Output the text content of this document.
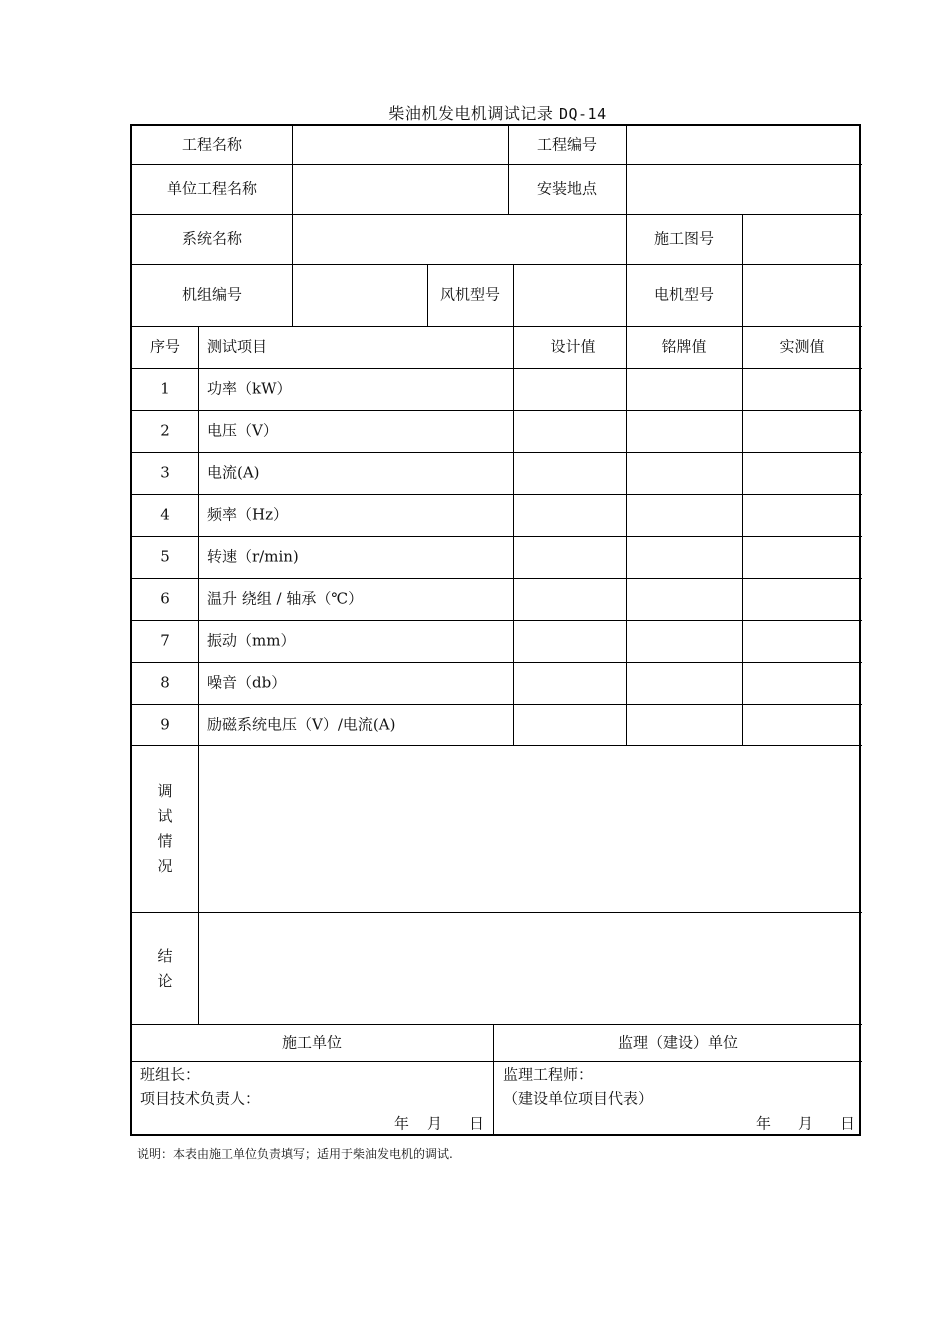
柴油机发电机调试记录 DQ-14
工程名称	工程编号
单位工程名称	安装地点
系统名称	施工图号
机组编号	风机型号	电机型号
序号 测试项目	设计值	铭牌值	实测值
1 功率（kW）
2 电压（V）
3 电流(A)
4 频率（Hz）
5 转速（r/min)
6 温升 绕组 / 轴承（℃）
7 振动（mm）
8 噪音（db）
9 励磁系统电压（V）/电流(A)
调
试
情
况
结
论
施工单位	监理（建设）单位
班组长：
项目技术负责人：
年 月 日
监理工程师：
（建设单位项目代表）
年 月 日
说明：本表由施工单位负责填写；适用于柴油发电机的调试.
